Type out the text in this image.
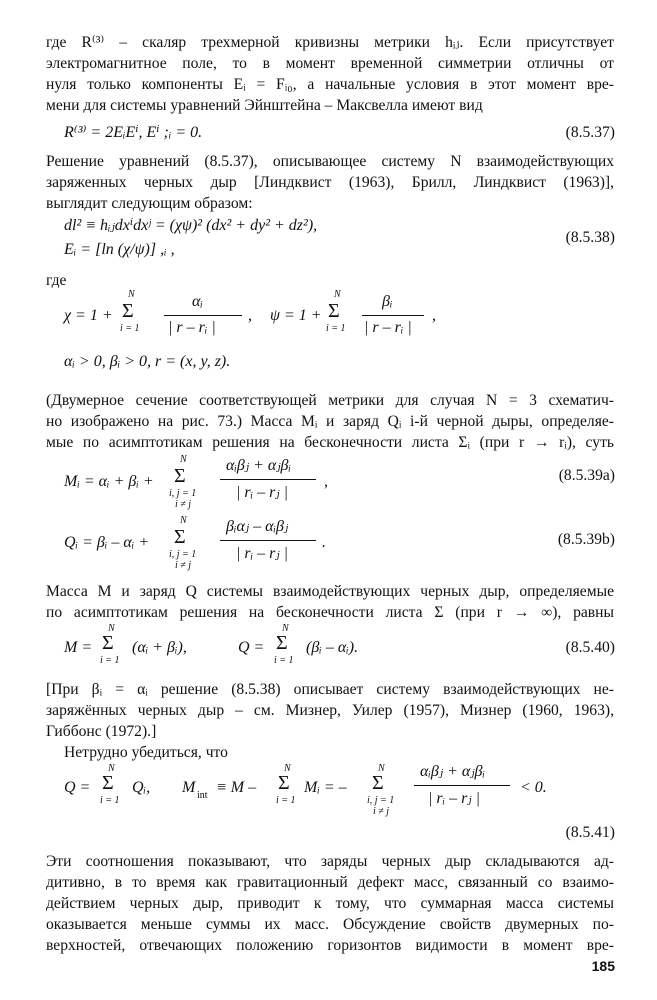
где R⁽³⁾ – скаляр трехмерной кривизны метрики hᵢⱼ. Если присутствует
электромагнитное поле, то в момент временной симметрии отличны от
нуля только компоненты Eᵢ = Fᵢ₀, а начальные условия в этот момент вре-
мени для системы уравнений Эйнштейна – Максвелла имеют вид
R⁽³⁾ = 2EᵢEⁱ, Eⁱ ;ᵢ = 0.	(8.5.37)
Решение уравнений (8.5.37), описывающее систему N взаимодействующих
заряженных черных дыр [Линдквист (1963), Брилл, Линдквист (1963)],
выглядит следующим образом:
dl² ≡ hᵢⱼdxⁱdxʲ = (χψ)² (dx² + dy² + dz²),
Eᵢ = [ln (χ/ψ)] ,ᵢ ,
(8.5.38)
где
χ = 1 +
N
Σ
i = 1
αᵢ
| r – rᵢ |
, ψ = 1 +
N
Σ
i = 1
βᵢ
| r – rᵢ |
,
αᵢ > 0, βᵢ > 0, r = (x, y, z).
(Двумерное сечение соответствующей метрики для случая N = 3 схематич-
но изображено на рис. 73.) Масса Mᵢ и заряд Qᵢ i-й черной дыры, определяе-
мые по асимптотикам решения на бесконечности листа Σᵢ (при r → rᵢ), суть
Mᵢ = αᵢ + βᵢ +
N
Σ
i, j = 1
i ≠ j
αᵢβⱼ + αⱼβᵢ
| rᵢ – rⱼ |
,	(8.5.39a)
Qᵢ = βᵢ – αᵢ +
N
Σ
i, j = 1
i ≠ j
βᵢαⱼ – αᵢβⱼ
| rᵢ – rⱼ |
.	(8.5.39b)
Масса M и заряд Q системы взаимодействующих черных дыр, определяемые
по асимптотикам решения на бесконечности листа Σ (при r → ∞), равны
M =
N
Σ
i = 1
(αᵢ + βᵢ),	Q =
N
Σ
i = 1
(βᵢ – αᵢ).	(8.5.40)
[При βᵢ = αᵢ решение (8.5.38) описывает систему взаимодействующих не-
заряжённых черных дыр – см. Мизнер, Уилер (1957), Мизнер (1960, 1963),
Гиббонс (1972).]
Нетрудно убедиться, что
Q =
N
Σ
i = 1
Qᵢ, M int ≡ M –
N
Σ
i = 1
Mᵢ = –
N
Σ
i, j = 1
i ≠ j
αᵢβⱼ + αⱼβᵢ
| rᵢ – rⱼ |
< 0.
(8.5.41)
Эти соотношения показывают, что заряды черных дыр складываются ад-
дитивно, в то время как гравитационный дефект масс, связанный со взаимо-
действием черных дыр, приводит к тому, что суммарная масса системы
оказывается меньше суммы их масс. Обсуждение свойств двумерных по-
верхностей, отвечающих положению горизонтов видимости в момент вре-
185
